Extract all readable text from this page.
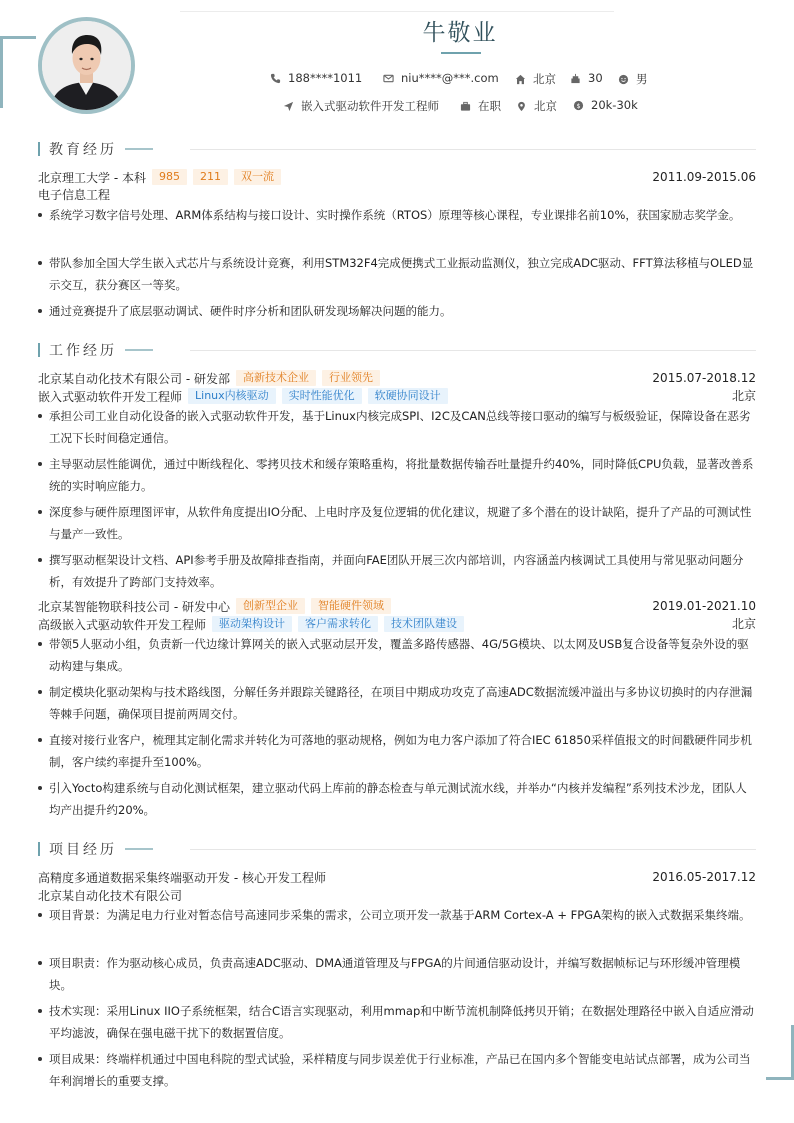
牛敬业
188****1011	niu****@***.com	北京	30	男
嵌入式驱动软件开发工程师	在职	北京	$ 20k-30k
教育经历
北京理工大学 - 本科	985	211	双一流	2011.09-2015.06
电子信息工程
系统学习数字信号处理、ARM体系结构与接口设计、实时操作系统（RTOS）原理等核心课程，专业课排名前10%，获国家励志奖学金。
带队参加全国大学生嵌入式芯片与系统设计竞赛，利用STM32F4完成便携式工业振动监测仪，独立完成ADC驱动、FFT算法移植与OLED显示交互，获分赛区一等奖。
通过竞赛提升了底层驱动调试、硬件时序分析和团队研发现场解决问题的能力。
工作经历
北京某自动化技术有限公司 - 研发部	高新技术企业	行业领先	2015.07-2018.12
嵌入式驱动软件开发工程师	Linux内核驱动	实时性能优化	软硬协同设计	北京
承担公司工业自动化设备的嵌入式驱动软件开发，基于Linux内核完成SPI、I2C及CAN总线等接口驱动的编写与板级验证，保障设备在恶劣工况下长时间稳定通信。
主导驱动层性能调优，通过中断线程化、零拷贝技术和缓存策略重构，将批量数据传输吞吐量提升约40%，同时降低CPU负载，显著改善系统的实时响应能力。
深度参与硬件原理图评审，从软件角度提出IO分配、上电时序及复位逻辑的优化建议，规避了多个潜在的设计缺陷，提升了产品的可测试性与量产一致性。
撰写驱动框架设计文档、API参考手册及故障排查指南，并面向FAE团队开展三次内部培训，内容涵盖内核调试工具使用与常见驱动问题分析，有效提升了跨部门支持效率。
北京某智能物联科技公司 - 研发中心	创新型企业	智能硬件领域	2019.01-2021.10
高级嵌入式驱动软件开发工程师	驱动架构设计	客户需求转化	技术团队建设	北京
带领5人驱动小组，负责新一代边缘计算网关的嵌入式驱动层开发，覆盖多路传感器、4G/5G模块、以太网及USB复合设备等复杂外设的驱动构建与集成。
制定模块化驱动架构与技术路线图，分解任务并跟踪关键路径，在项目中期成功攻克了高速ADC数据流缓冲溢出与多协议切换时的内存泄漏等棘手问题，确保项目提前两周交付。
直接对接行业客户，梳理其定制化需求并转化为可落地的驱动规格，例如为电力客户添加了符合IEC 61850采样值报文的时间戳硬件同步机制，客户续约率提升至100%。
引入Yocto构建系统与自动化测试框架，建立驱动代码上库前的静态检查与单元测试流水线，并举办“内核并发编程”系列技术沙龙，团队人均产出提升约20%。
项目经历
高精度多通道数据采集终端驱动开发 - 核心开发工程师	2016.05-2017.12
北京某自动化技术有限公司
项目背景：为满足电力行业对暂态信号高速同步采集的需求，公司立项开发一款基于ARM Cortex-A + FPGA架构的嵌入式数据采集终端。
项目职责：作为驱动核心成员，负责高速ADC驱动、DMA通道管理及与FPGA的片间通信驱动设计，并编写数据帧标记与环形缓冲管理模块。
技术实现：采用Linux IIO子系统框架，结合C语言实现驱动，利用mmap和中断节流机制降低拷贝开销；在数据处理路径中嵌入自适应滑动平均滤波，确保在强电磁干扰下的数据置信度。
项目成果：终端样机通过中国电科院的型式试验，采样精度与同步误差优于行业标准，产品已在国内多个智能变电站试点部署，成为公司当年利润增长的重要支撑。
